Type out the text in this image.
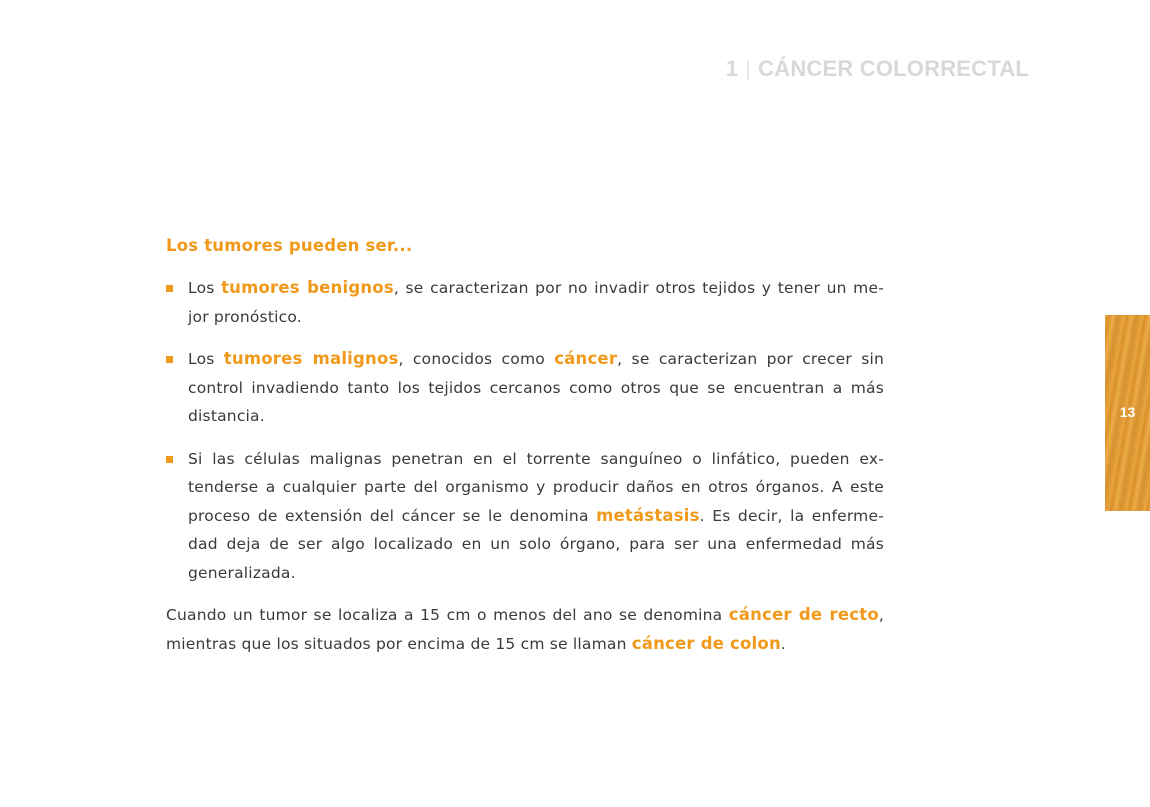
1 | CÁNCER COLORRECTAL
Los tumores pueden ser...
Los tumores benignos, se caracterizan por no invadir otros tejidos y tener un me-jor pronóstico.
Los tumores malignos, conocidos como cáncer, se caracterizan por crecer sin control invadiendo tanto los tejidos cercanos como otros que se encuentran a más distancia.
Si las células malignas penetran en el torrente sanguíneo o linfático, pueden ex-tenderse a cualquier parte del organismo y producir daños en otros órganos. A este proceso de extensión del cáncer se le denomina metástasis. Es decir, la enferme-dad deja de ser algo localizado en un solo órgano, para ser una enfermedad más generalizada.

Cuando un tumor se localiza a 15 cm o menos del ano se denomina cáncer de recto, mientras que los situados por encima de 15 cm se llaman cáncer de colon.

13
